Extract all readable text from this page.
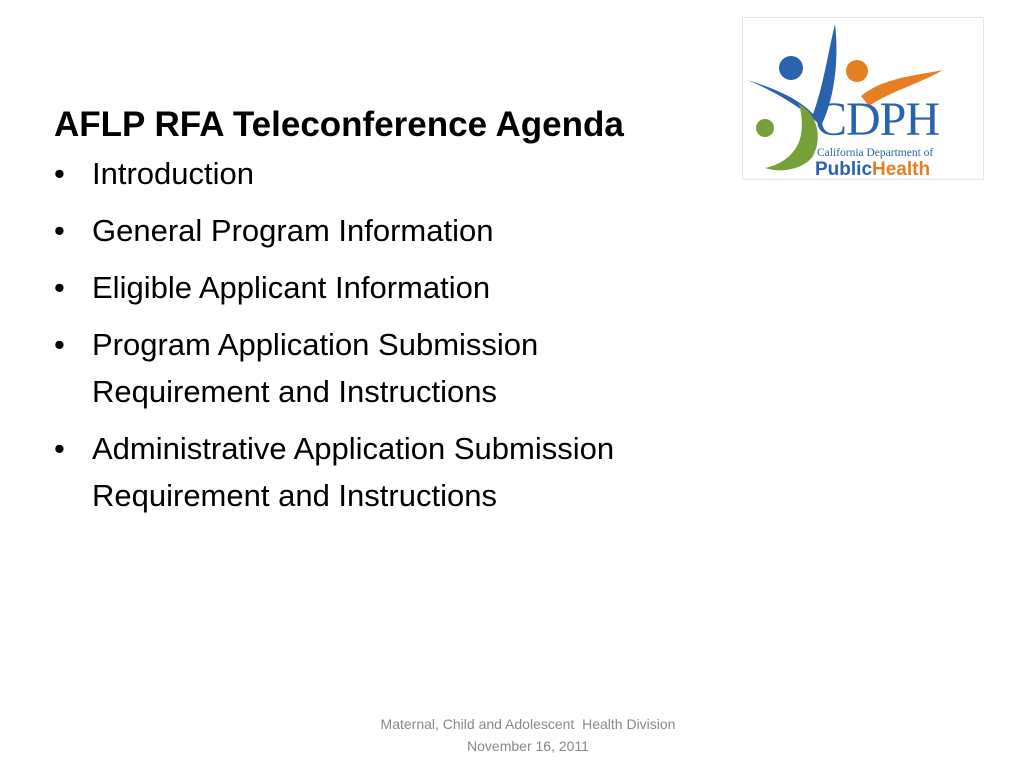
CDPH
California Department of
PublicHealth
AFLP RFA Teleconference Agenda
• Introduction
• General Program Information
• Eligible Applicant Information
• Program Application Submission
Requirement and Instructions
• Administrative Application Submission
Requirement and Instructions
Maternal, Child and Adolescent  Health Division
November 16, 2011
